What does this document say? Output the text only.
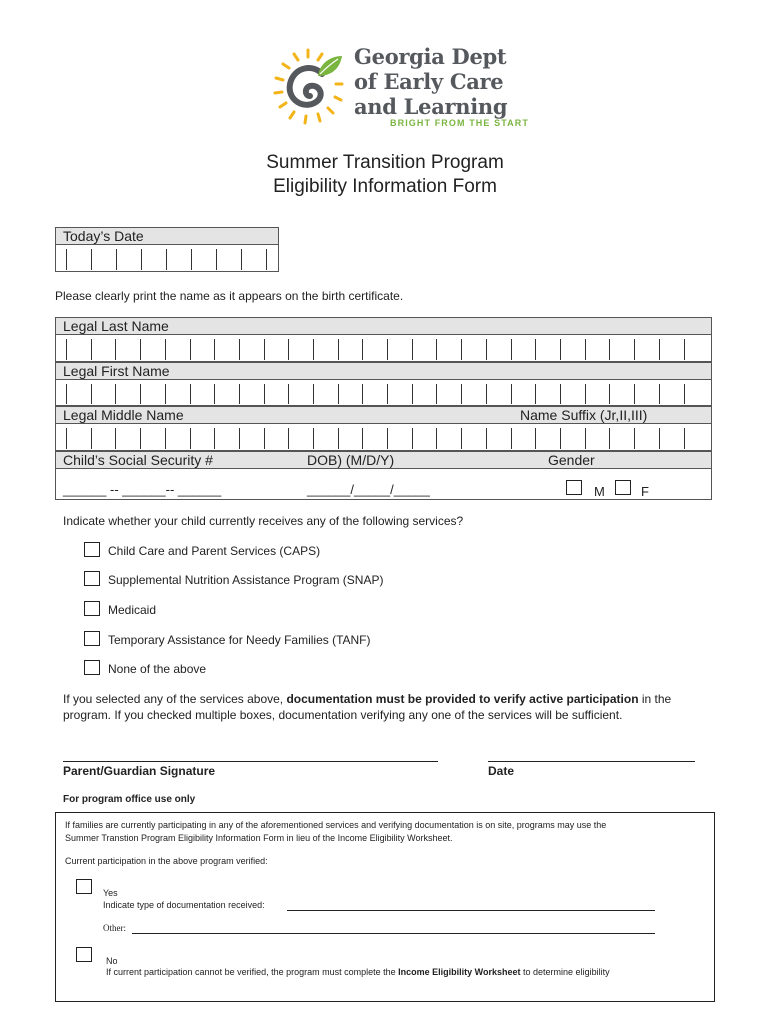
Georgia Dept
of Early Care
and Learning
BRIGHT FROM THE START
Summer Transition Program
Eligibility Information Form
Today’s Date
Please clearly print the name as it appears on the birth certificate.
Legal Last Name
Legal First Name
Legal Middle Name	Name Suffix (Jr,II,III)
Child’s Social Security #	DOB) (M/D/Y)	Gender
______ -- ______-- ______	______/_____/_____	M	F
Indicate whether your child currently receives any of the following services?
Child Care and Parent Services (CAPS)
Supplemental Nutrition Assistance Program (SNAP)
Medicaid
Temporary Assistance for Needy Families (TANF)
None of the above
If you selected any of the services above, documentation must be provided to verify active participation in the
program. If you checked multiple boxes, documentation verifying any one of the services will be sufficient.
Parent/Guardian Signature	Date
For program office use only
If families are currently participating in any of the aforementioned services and verifying documentation is on site, programs may use the
Summer Transtion Program Eligibility Information Form in lieu of the Income Eligibility Worksheet.
Current participation in the above program verified:
Yes
Indicate type of documentation received:
Other:
No
If current participation cannot be verified, the program must complete the Income Eligibility Worksheet to determine eligibility
